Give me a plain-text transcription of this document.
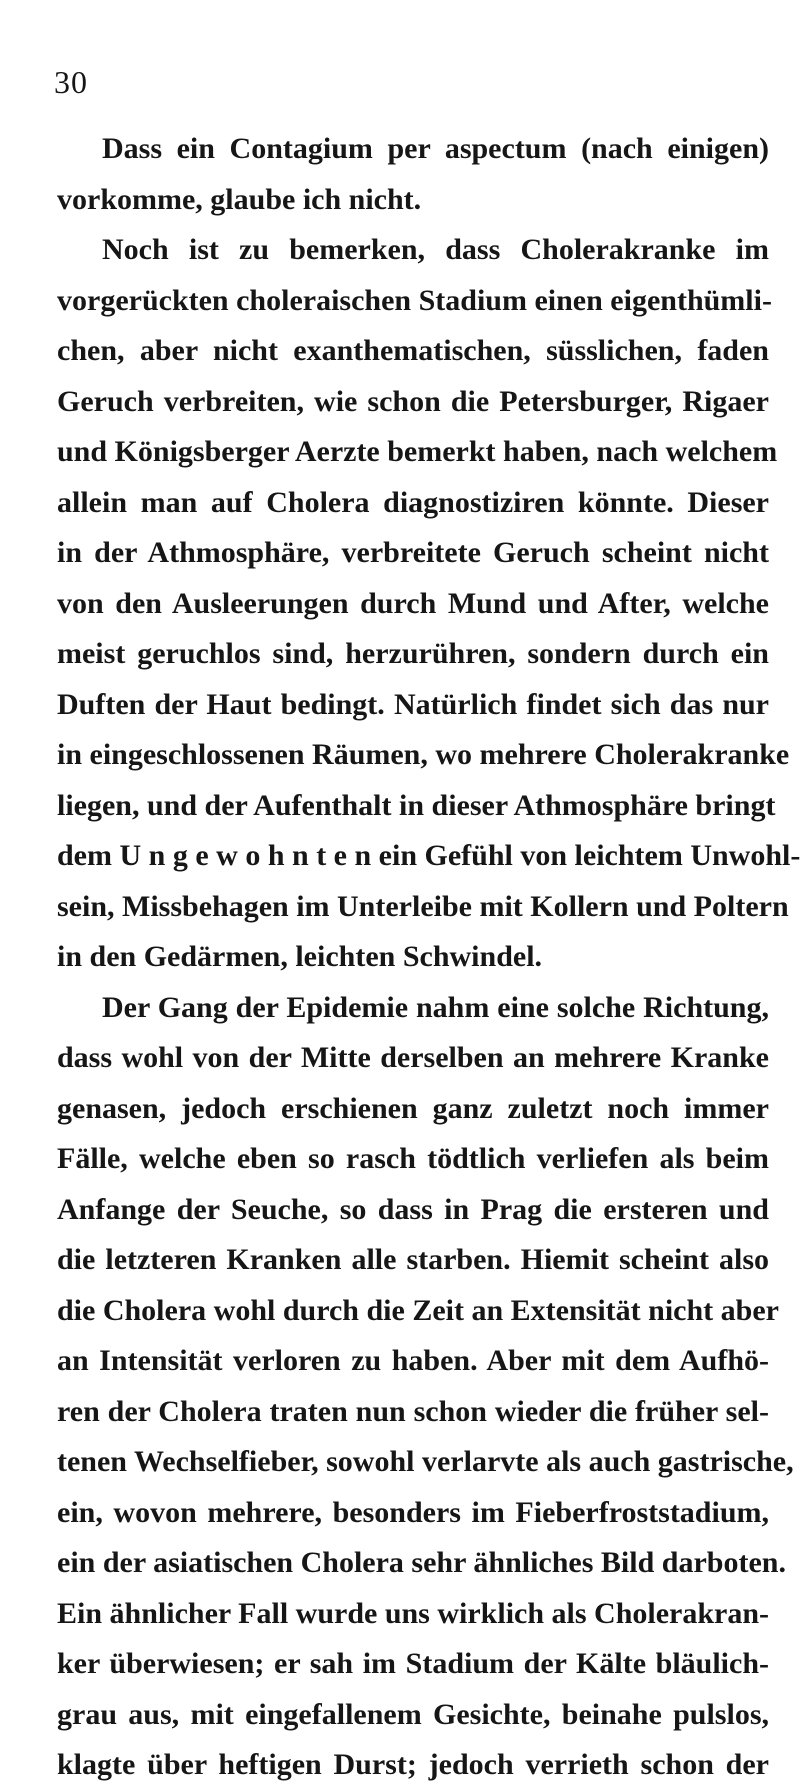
30
Dass ein Contagium per aspectum (nach einigen)
vorkomme, glaube ich nicht.
Noch ist zu bemerken, dass Cholerakranke im
vorgerückten choleraischen Stadium einen eigenthümli-
chen, aber nicht exanthematischen, süsslichen, faden
Geruch verbreiten, wie schon die Petersburger, Rigaer
und Königsberger Aerzte bemerkt haben, nach welchem
allein man auf Cholera diagnostiziren könnte. Dieser
in der Athmosphäre, verbreitete Geruch scheint nicht
von den Ausleerungen durch Mund und After, welche
meist geruchlos sind, herzurühren, sondern durch ein
Duften der Haut bedingt. Natürlich findet sich das nur
in eingeschlossenen Räumen, wo mehrere Cholerakranke
liegen, und der Aufenthalt in dieser Athmosphäre bringt
dem U n g e w o h n t e n ein Gefühl von leichtem Unwohl-
sein, Missbehagen im Unterleibe mit Kollern und Poltern
in den Gedärmen, leichten Schwindel.
Der Gang der Epidemie nahm eine solche Richtung,
dass wohl von der Mitte derselben an mehrere Kranke
genasen, jedoch erschienen ganz zuletzt noch immer
Fälle, welche eben so rasch tödtlich verliefen als beim
Anfange der Seuche, so dass in Prag die ersteren und
die letzteren Kranken alle starben. Hiemit scheint also
die Cholera wohl durch die Zeit an Extensität nicht aber
an Intensität verloren zu haben. Aber mit dem Aufhö-
ren der Cholera traten nun schon wieder die früher sel-
tenen Wechselfieber, sowohl verlarvte als auch gastrische,
ein, wovon mehrere, besonders im Fieberfroststadium,
ein der asiatischen Cholera sehr ähnliches Bild darboten.
Ein ähnlicher Fall wurde uns wirklich als Cholerakran-
ker überwiesen; er sah im Stadium der Kälte bläulich-
grau aus, mit eingefallenem Gesichte, beinahe pulslos,
klagte über heftigen Durst; jedoch verrieth schon der
